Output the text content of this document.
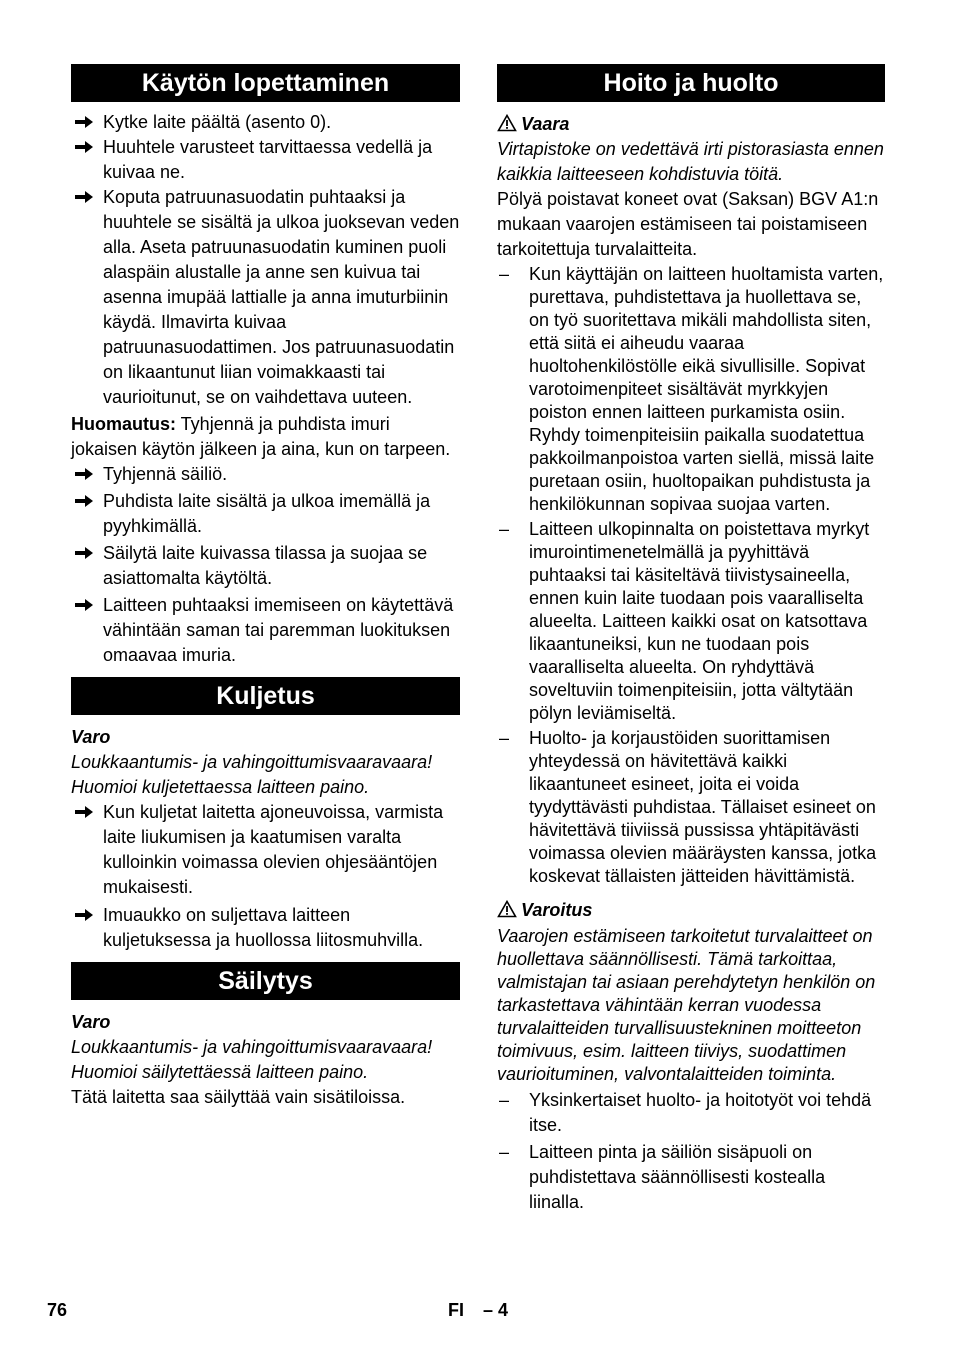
Käytön lopettaminen
Kytke laite päältä (asento 0).
Huuhtele varusteet tarvittaessa vedellä ja kuivaa ne.
Koputa patruunasuodatin puhtaaksi ja huuhtele se sisältä ja ulkoa juoksevan veden alla. Aseta patruunasuodatin kuminen puoli alaspäin alustalle ja anne sen kuivua tai asenna imupää lattialle ja anna imuturbiinin käydä. Ilmavirta kuivaa patruunasuodattimen. Jos patruunasuodatin on likaantunut liian voimakkaasti tai vaurioitunut, se on vaihdettava uuteen.
Huomautus: Tyhjennä ja puhdista imuri jokaisen käytön jälkeen ja aina, kun on tarpeen.
Tyhjennä säiliö.
Puhdista laite sisältä ja ulkoa imemällä ja pyyhkimällä.
Säilytä laite kuivassa tilassa ja suojaa se asiattomalta käytöltä.
Laitteen puhtaaksi imemiseen on käytettävä vähintään saman tai paremman luokituksen omaavaa imuria.
Kuljetus
Varo
Loukkaantumis- ja vahingoittumisvaaravaara! Huomioi kuljetettaessa laitteen paino.
Kun kuljetat laitetta ajoneuvoissa, varmista laite liukumisen ja kaatumisen varalta kulloinkin voimassa olevien ohjesääntöjen mukaisesti.
Imuaukko on suljettava laitteen kuljetuksessa ja huollossa liitosmuhvilla.
Säilytys
Varo
Loukkaantumis- ja vahingoittumisvaaravaara! Huomioi säilytettäessä laitteen paino.
Tätä laitetta saa säilyttää vain sisätiloissa.
Hoito ja huolto
Vaara
Virtapistoke on vedettävä irti pistorasiasta ennen kaikkia laitteeseen kohdistuvia töitä.
Pölyä poistavat koneet ovat (Saksan) BGV A1:n mukaan vaarojen estämiseen tai poistamiseen tarkoitettuja turvalaitteita.
– Kun käyttäjän on laitteen huoltamista varten, purettava, puhdistettava ja huollettava se, on työ suoritettava mikäli mahdollista siten, että siitä ei aiheudu vaaraa huoltohenkilöstölle eikä sivullisille. Sopivat varotoimenpiteet sisältävät myrkkyjen poiston ennen laitteen purkamista osiin. Ryhdy toimenpiteisiin paikalla suodatettua pakkoilmanpoistoa varten siellä, missä laite puretaan osiin, huoltopaikan puhdistusta ja henkilökunnan sopivaa suojaa varten.
– Laitteen ulkopinnalta on poistettava myrkyt imurointimenetelmällä ja pyyhittävä puhtaaksi tai käsiteltävä tiivistysaineella, ennen kuin laite tuodaan pois vaaralliselta alueelta. Laitteen kaikki osat on katsottava likaantuneiksi, kun ne tuodaan pois vaaralliselta alueelta. On ryhdyttävä soveltuviin toimenpiteisiin, jotta vältytään pölyn leviämiseltä.
– Huolto- ja korjaustöiden suorittamisen yhteydessä on hävitettävä kaikki likaantuneet esineet, joita ei voida tyydyttävästi puhdistaa. Tällaiset esineet on hävitettävä tiiviissä pussissa yhtäpitävästi voimassa olevien määräysten kanssa, jotka koskevat tällaisten jätteiden hävittämistä.
Varoitus
Vaarojen estämiseen tarkoitetut turvalaitteet on huollettava säännöllisesti. Tämä tarkoittaa, valmistajan tai asiaan perehdytetyn henkilön on tarkastettava vähintään kerran vuodessa turvalaitteiden turvallisuustekninen moitteeton toimivuus, esim. laitteen tiiviys, suodattimen vaurioituminen, valvontalaitteiden toiminta.
– Yksinkertaiset huolto- ja hoitotyöt voi tehdä itse.
– Laitteen pinta ja säiliön sisäpuoli on puhdistettava säännöllisesti kostealla liinalla.
76	FI – 4
